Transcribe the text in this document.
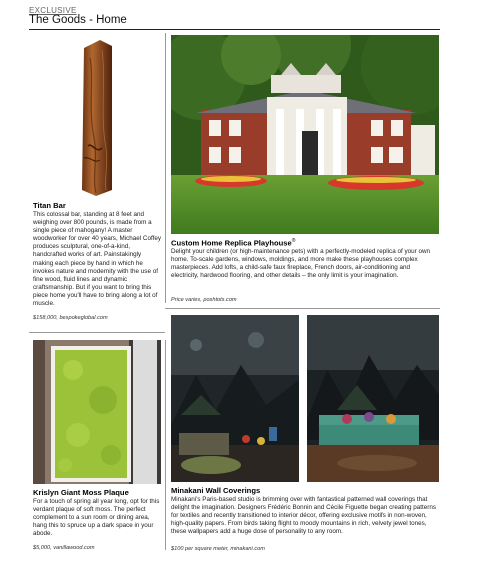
EXCLUSIVE
The Goods - Home
Titan Bar
This colossal bar, standing at 8 feet and weighing over 800 pounds, is made from a single piece of mahogany! A master woodworker for over 40 years, Michael Coffey produces sculptural, one-of-a-kind, handcrafted works of art. Painstakingly making each piece by hand in which he invokes nature and modernity with the use of fine wood, fluid lines and dynamic craftsmanship. But if you want to bring this piece home you'll have to bring along a lot of muscle.
$158,000, bespokeglobal.com
Custom Home Replica Playhouse®
Delight your children (or high-maintenance pets) with a perfectly-modeled replica of your own home. To-scale gardens, windows, moldings, and more make these playhouses complex masterpieces. Add lofts, a child-safe faux fireplace, French doors, air-conditioning and electricity, hardwood flooring, and other details – the only limit is your imagination.
Price varies, poshtots.com
Krislyn Giant Moss Plaque
For a touch of spring all year long, opt for this verdant plaque of soft moss. The perfect complement to a sun room or dining area, hang this to spruce up a dark space in your abode.
$5,000, vanillawood.com
Minakani Wall Coverings
Minakani's Paris-based studio is brimming over with fantastical patterned wall coverings that delight the imagination. Designers Frédéric Bonnin and Cécile Figuette began creating patterns for textiles and recently transitioned to interior décor, offering exclusive motifs in non-woven, high-quality papers. From birds taking flight to moody mountains in rich, velvety jewel tones, these wallpapers add a huge dose of personality to any room.
$100 per square meter, minakani.com
